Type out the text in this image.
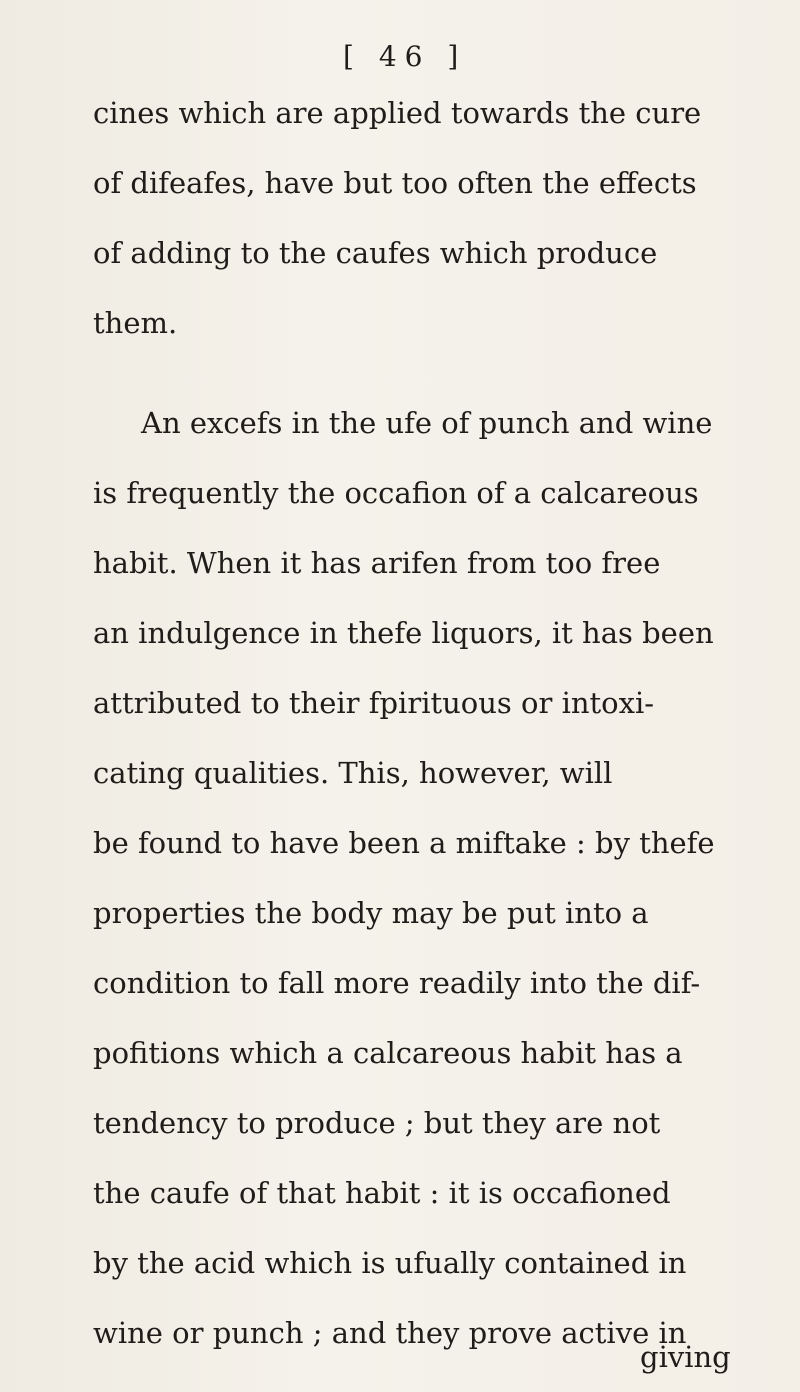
[ 46 ]
cines which are applied towards the cure
of difeafes, have but too often the effects
of adding to the caufes which produce
them.
An excefs in the ufe of punch and wine
is frequently the occafion of a calcareous
habit. When it has arifen from too free
an indulgence in thefe liquors, it has been
attributed to their fpirituous or intoxi-
cating qualities. This, however, will
be found to have been a miftake : by thefe
properties the body may be put into a
condition to fall more readily into the dif-
pofitions which a calcareous habit has a
tendency to produce ; but they are not
the caufe of that habit : it is occafioned
by the acid which is ufually contained in
wine or punch ; and they prove active in
giving
